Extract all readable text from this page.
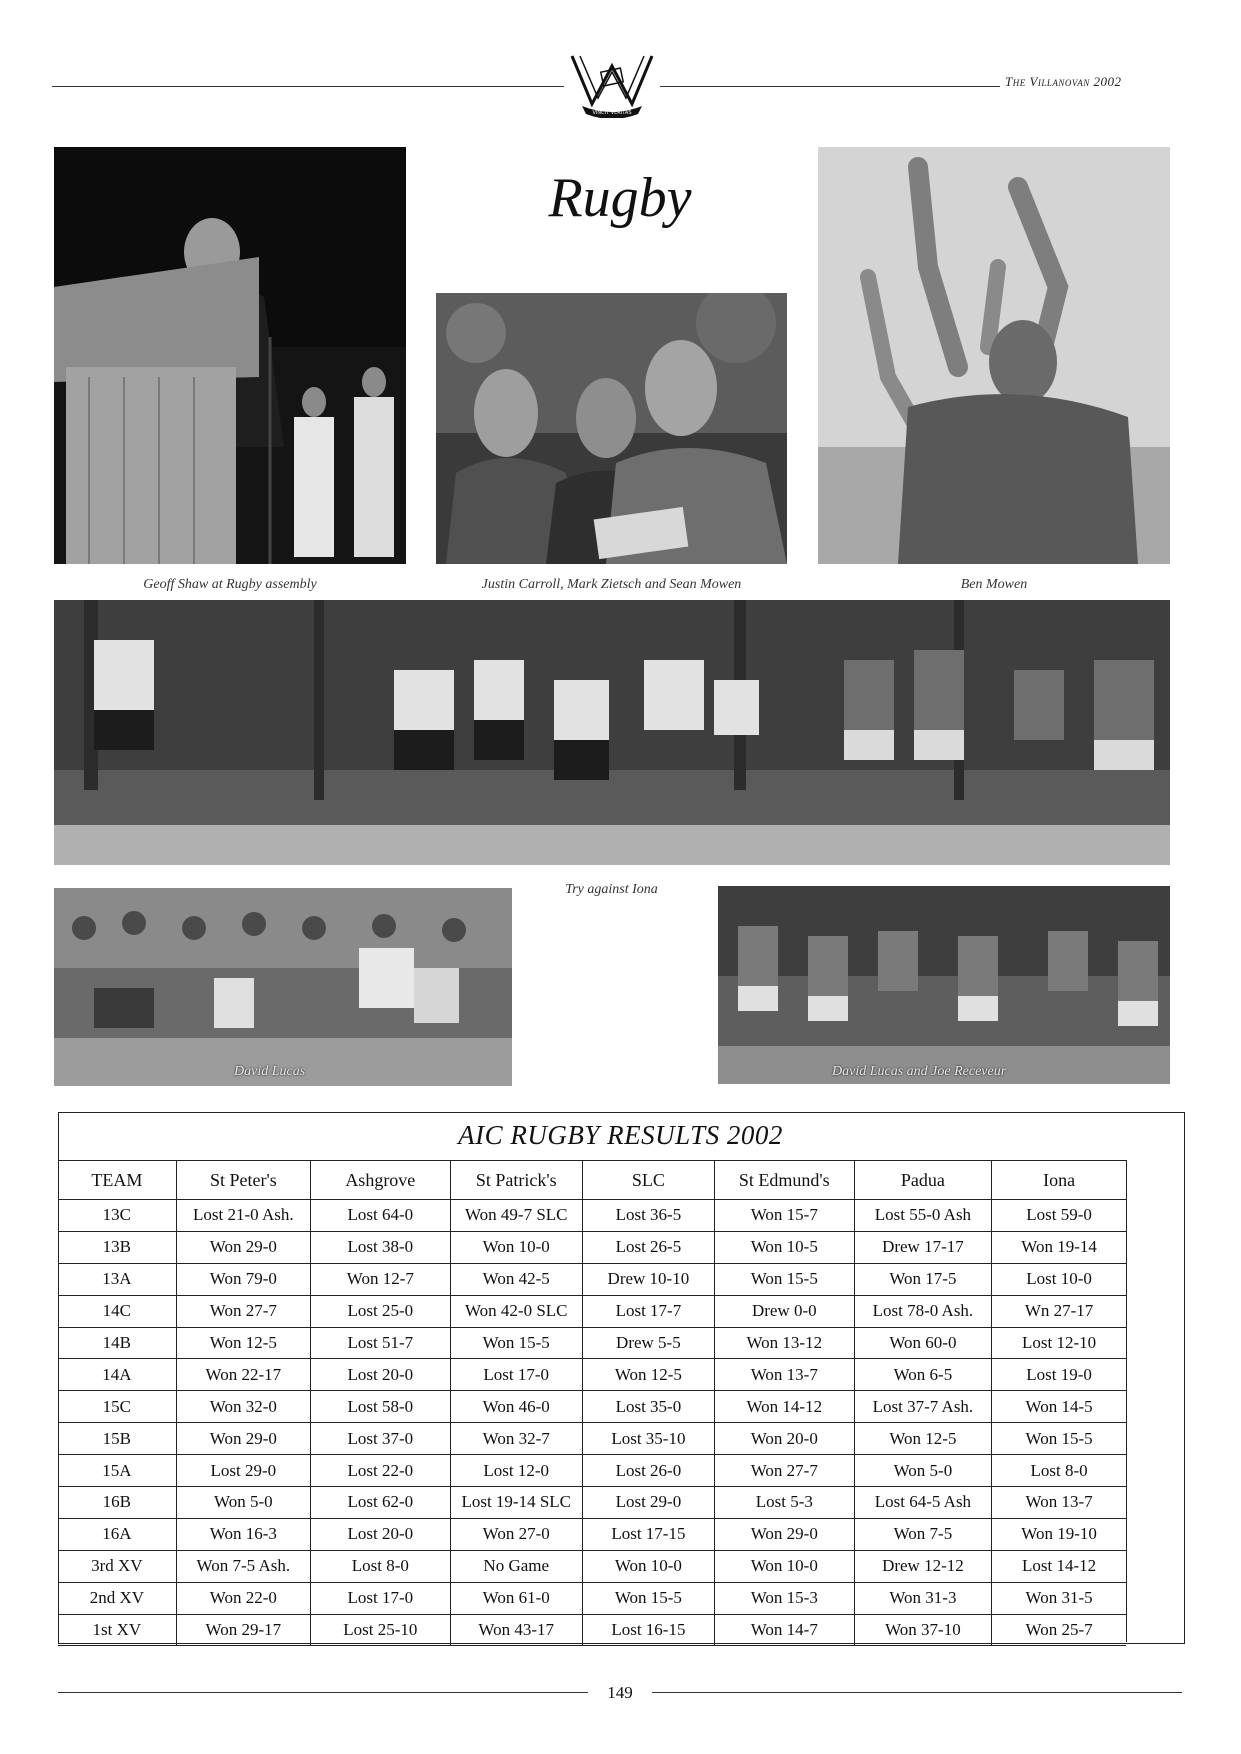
VINCIT VERITAS
The Villanovan 2002
Rugby
Geoff Shaw at Rugby assembly	Justin Carroll, Mark Zietsch and Sean Mowen	Ben Mowen
Try against Iona
David Lucas	David Lucas and Joe Receveur
AIC RUGBY RESULTS 2002
TEAM	St Peter's	Ashgrove	St Patrick's	SLC	St Edmund's	Padua	Iona
13C	Lost 21-0 Ash.	Lost 64-0	Won 49-7 SLC	Lost 36-5	Won 15-7	Lost 55-0 Ash	Lost 59-0
13B	Won 29-0	Lost 38-0	Won 10-0	Lost 26-5	Won 10-5	Drew 17-17	Won 19-14
13A	Won 79-0	Won 12-7	Won 42-5	Drew 10-10	Won 15-5	Won 17-5	Lost 10-0
14C	Won 27-7	Lost 25-0	Won 42-0 SLC	Lost 17-7	Drew 0-0	Lost 78-0 Ash.	Wn 27-17
14B	Won 12-5	Lost 51-7	Won 15-5	Drew 5-5	Won 13-12	Won 60-0	Lost 12-10
14A	Won 22-17	Lost 20-0	Lost 17-0	Won 12-5	Won 13-7	Won 6-5	Lost 19-0
15C	Won 32-0	Lost 58-0	Won 46-0	Lost 35-0	Won 14-12	Lost 37-7 Ash.	Won 14-5
15B	Won 29-0	Lost 37-0	Won 32-7	Lost 35-10	Won 20-0	Won 12-5	Won 15-5
15A	Lost 29-0	Lost 22-0	Lost 12-0	Lost 26-0	Won 27-7	Won 5-0	Lost 8-0
16B	Won 5-0	Lost 62-0	Lost 19-14 SLC	Lost 29-0	Lost 5-3	Lost 64-5 Ash	Won 13-7
16A	Won 16-3	Lost 20-0	Won 27-0	Lost 17-15	Won 29-0	Won 7-5	Won 19-10
3rd XV	Won 7-5 Ash.	Lost 8-0	No Game	Won 10-0	Won 10-0	Drew 12-12	Lost 14-12
2nd XV	Won 22-0	Lost 17-0	Won 61-0	Won 15-5	Won 15-3	Won 31-3	Won 31-5
1st XV	Won 29-17	Lost 25-10	Won 43-17	Lost 16-15	Won 14-7	Won 37-10	Won 25-7
149
